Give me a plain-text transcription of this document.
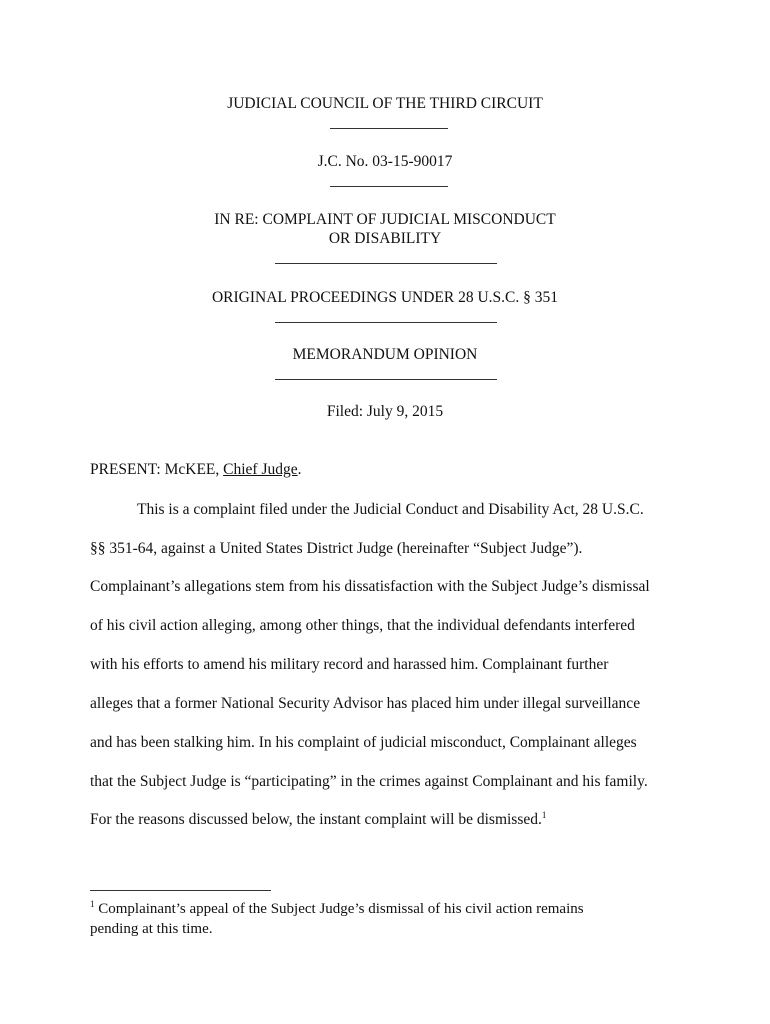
JUDICIAL COUNCIL OF THE THIRD CIRCUIT
J.C. No. 03-15-90017
IN RE: COMPLAINT OF JUDICIAL MISCONDUCT
OR DISABILITY
ORIGINAL PROCEEDINGS UNDER 28 U.S.C. § 351
MEMORANDUM OPINION
Filed: July 9, 2015
PRESENT: McKEE, Chief Judge.
This is a complaint filed under the Judicial Conduct and Disability Act, 28 U.S.C.
§§ 351-64, against a United States District Judge (hereinafter “Subject Judge”).
Complainant’s allegations stem from his dissatisfaction with the Subject Judge’s dismissal
of his civil action alleging, among other things, that the individual defendants interfered
with his efforts to amend his military record and harassed him. Complainant further
alleges that a former National Security Advisor has placed him under illegal surveillance
and has been stalking him. In his complaint of judicial misconduct, Complainant alleges
that the Subject Judge is “participating” in the crimes against Complainant and his family.
For the reasons discussed below, the instant complaint will be dismissed.$^1$
$^1$ Complainant’s appeal of the Subject Judge’s dismissal of his civil action remains
pending at this time.
